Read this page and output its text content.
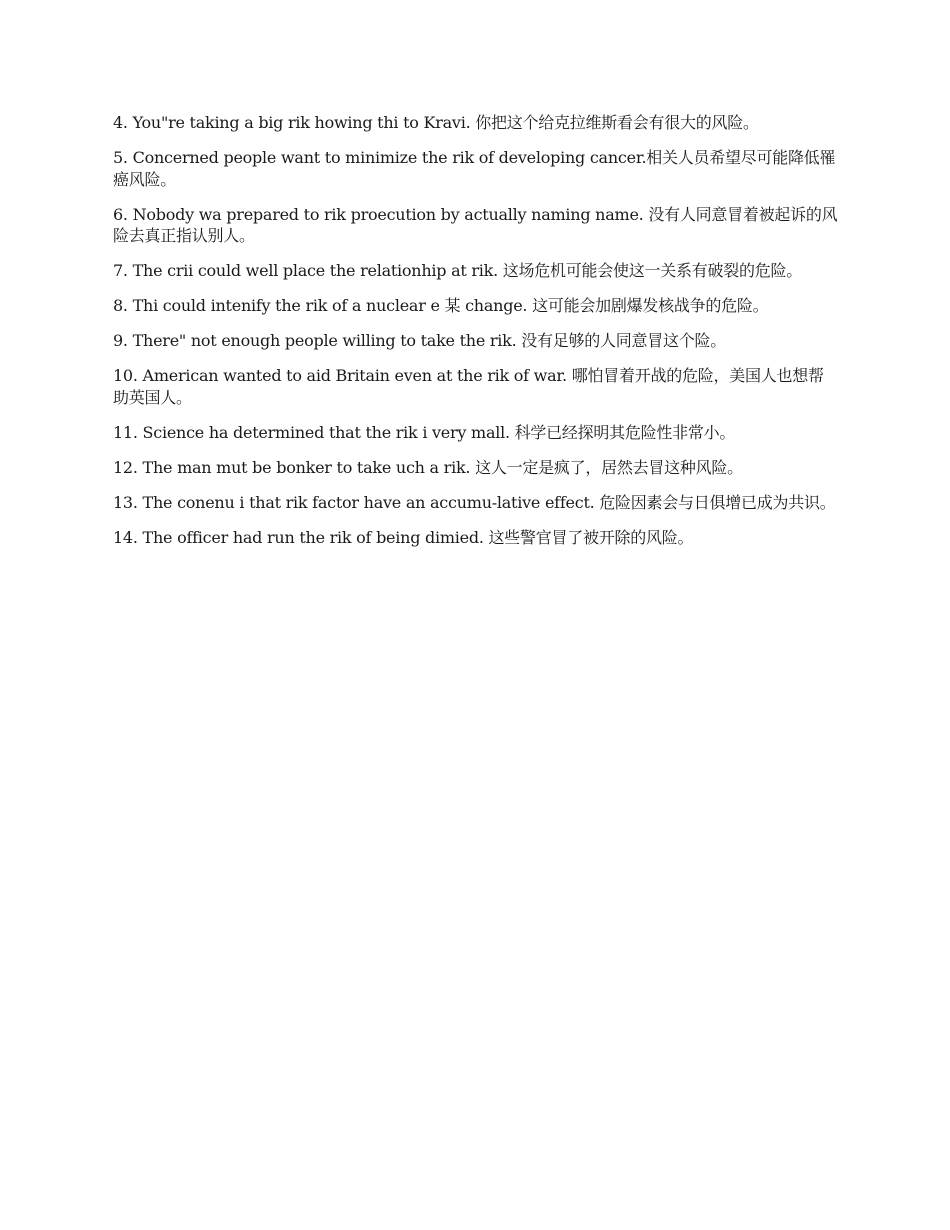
4. You"re taking a big rik howing thi to Kravi. 你把这个给克拉维斯看会有很大的风险。

5. Concerned people want to minimize the rik of developing cancer.相关人员希望尽可能降低罹癌风险。

6. Nobody wa prepared to rik proecution by actually naming name. 没有人同意冒着被起诉的风险去真正指认别人。

7. The crii could well place the relationhip at rik. 这场危机可能会使这一关系有破裂的危险。

8. Thi could intenify the rik of a nuclear e 某 change. 这可能会加剧爆发核战争的危险。

9. There" not enough people willing to take the rik. 没有足够的人同意冒这个险。

10. American wanted to aid Britain even at the rik of war. 哪怕冒着开战的危险，美国人也想帮助英国人。

11. Science ha determined that the rik i very mall. 科学已经探明其危险性非常小。

12. The man mut be bonker to take uch a rik. 这人一定是疯了，居然去冒这种风险。

13. The conenu i that rik factor have an accumu-lative effect. 危险因素会与日俱增已成为共识。

14. The officer had run the rik of being dimied. 这些警官冒了被开除的风险。
